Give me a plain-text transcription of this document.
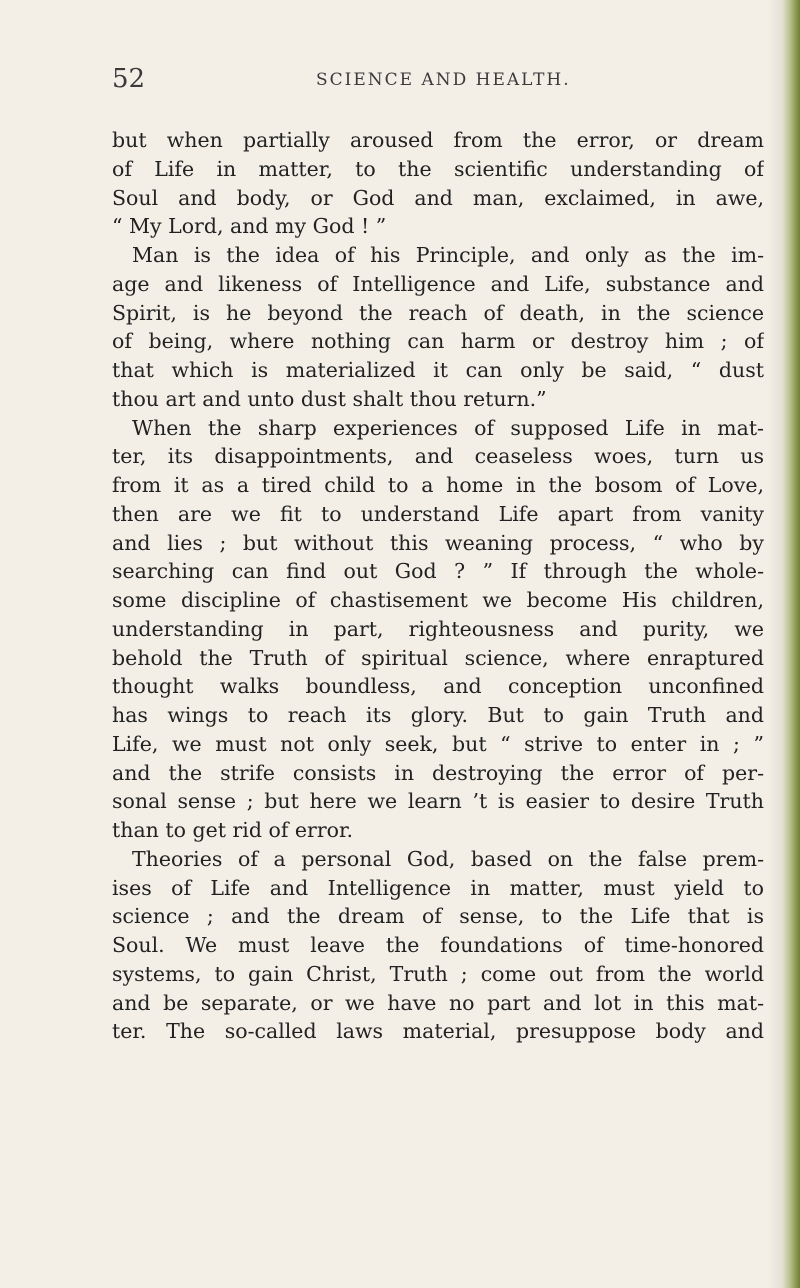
52	SCIENCE AND HEALTH.
but when partially aroused from the error, or dream
of Life in matter, to the scientific understanding of
Soul and body, or God and man, exclaimed, in awe,
“ My Lord, and my God ! ”
Man is the idea of his Principle, and only as the im-
age and likeness of Intelligence and Life, substance and
Spirit, is he beyond the reach of death, in the science
of being, where nothing can harm or destroy him ; of
that which is materialized it can only be said, “ dust
thou art and unto dust shalt thou return.”
When the sharp experiences of supposed Life in mat-
ter, its disappointments, and ceaseless woes, turn us
from it as a tired child to a home in the bosom of Love,
then are we fit to understand Life apart from vanity
and lies ; but without this weaning process, “ who by
searching can find out God ? ” If through the whole-
some discipline of chastisement we become His children,
understanding in part, righteousness and purity, we
behold the Truth of spiritual science, where enraptured
thought walks boundless, and conception unconfined
has wings to reach its glory. But to gain Truth and
Life, we must not only seek, but “ strive to enter in ; ”
and the strife consists in destroying the error of per-
sonal sense ; but here we learn ’t is easier to desire Truth
than to get rid of error.
Theories of a personal God, based on the false prem-
ises of Life and Intelligence in matter, must yield to
science ; and the dream of sense, to the Life that is
Soul. We must leave the foundations of time-honored
systems, to gain Christ, Truth ; come out from the world
and be separate, or we have no part and lot in this mat-
ter. The so-called laws material, presuppose body and
